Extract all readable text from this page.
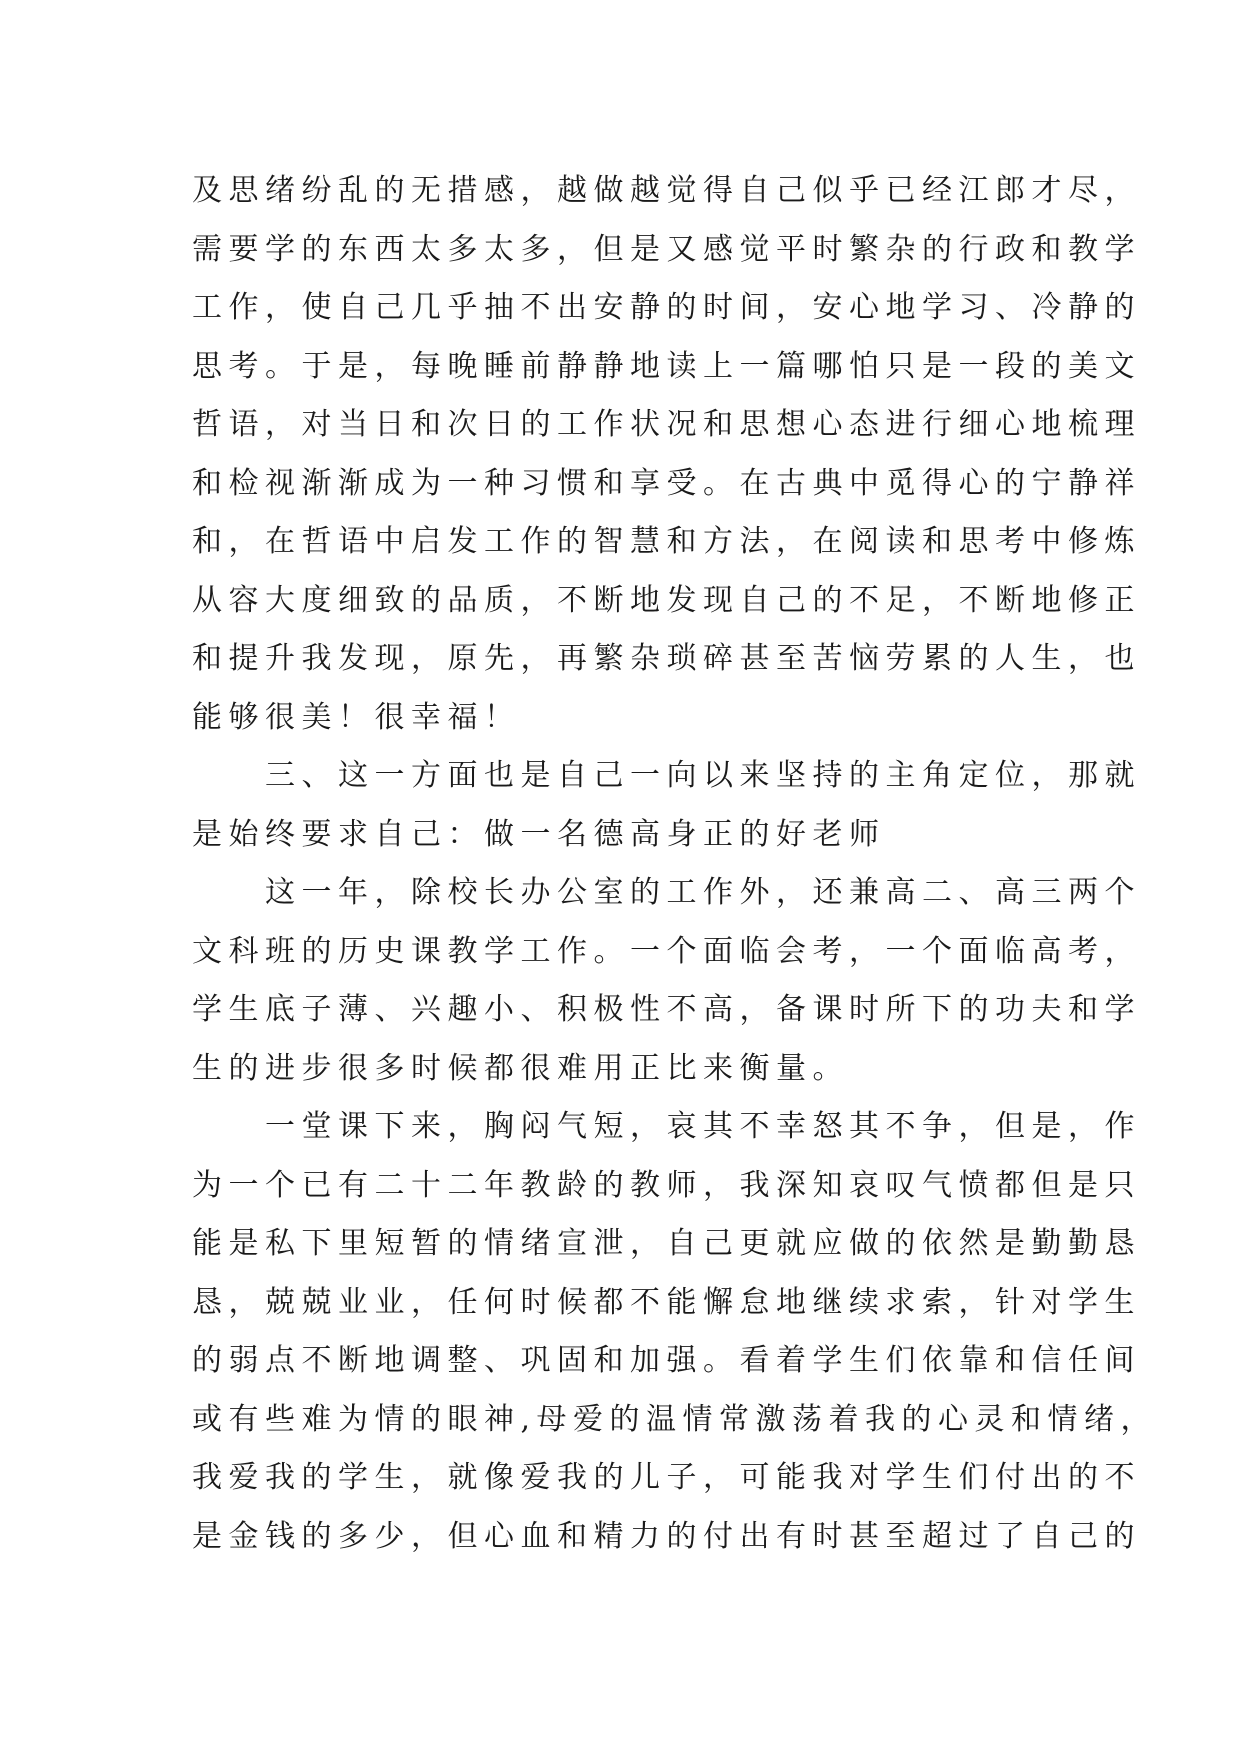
及思绪纷乱的无措感，越做越觉得自己似乎已经江郎才尽，
需要学的东西太多太多，但是又感觉平时繁杂的行政和教学
工作，使自己几乎抽不出安静的时间，安心地学习、冷静的
思考。于是，每晚睡前静静地读上一篇哪怕只是一段的美文
哲语，对当日和次日的工作状况和思想心态进行细心地梳理
和检视渐渐成为一种习惯和享受。在古典中觅得心的宁静祥
和，在哲语中启发工作的智慧和方法，在阅读和思考中修炼
从容大度细致的品质，不断地发现自己的不足，不断地修正
和提升我发现，原先，再繁杂琐碎甚至苦恼劳累的人生，也
能够很美！很幸福！
　　三、这一方面也是自己一向以来坚持的主角定位，那就
是始终要求自己：做一名德高身正的好老师
　　这一年，除校长办公室的工作外，还兼高二、高三两个
文科班的历史课教学工作。一个面临会考，一个面临高考，
学生底子薄、兴趣小、积极性不高，备课时所下的功夫和学
生的进步很多时候都很难用正比来衡量。
　　一堂课下来，胸闷气短，哀其不幸怒其不争，但是，作
为一个已有二十二年教龄的教师，我深知哀叹气愤都但是只
能是私下里短暂的情绪宣泄，自己更就应做的依然是勤勤恳
恳，兢兢业业，任何时候都不能懈怠地继续求索，针对学生
的弱点不断地调整、巩固和加强。看着学生们依靠和信任间
或有些难为情的眼神,母爱的温情常激荡着我的心灵和情绪，
我爱我的学生，就像爱我的儿子，可能我对学生们付出的不
是金钱的多少，但心血和精力的付出有时甚至超过了自己的
